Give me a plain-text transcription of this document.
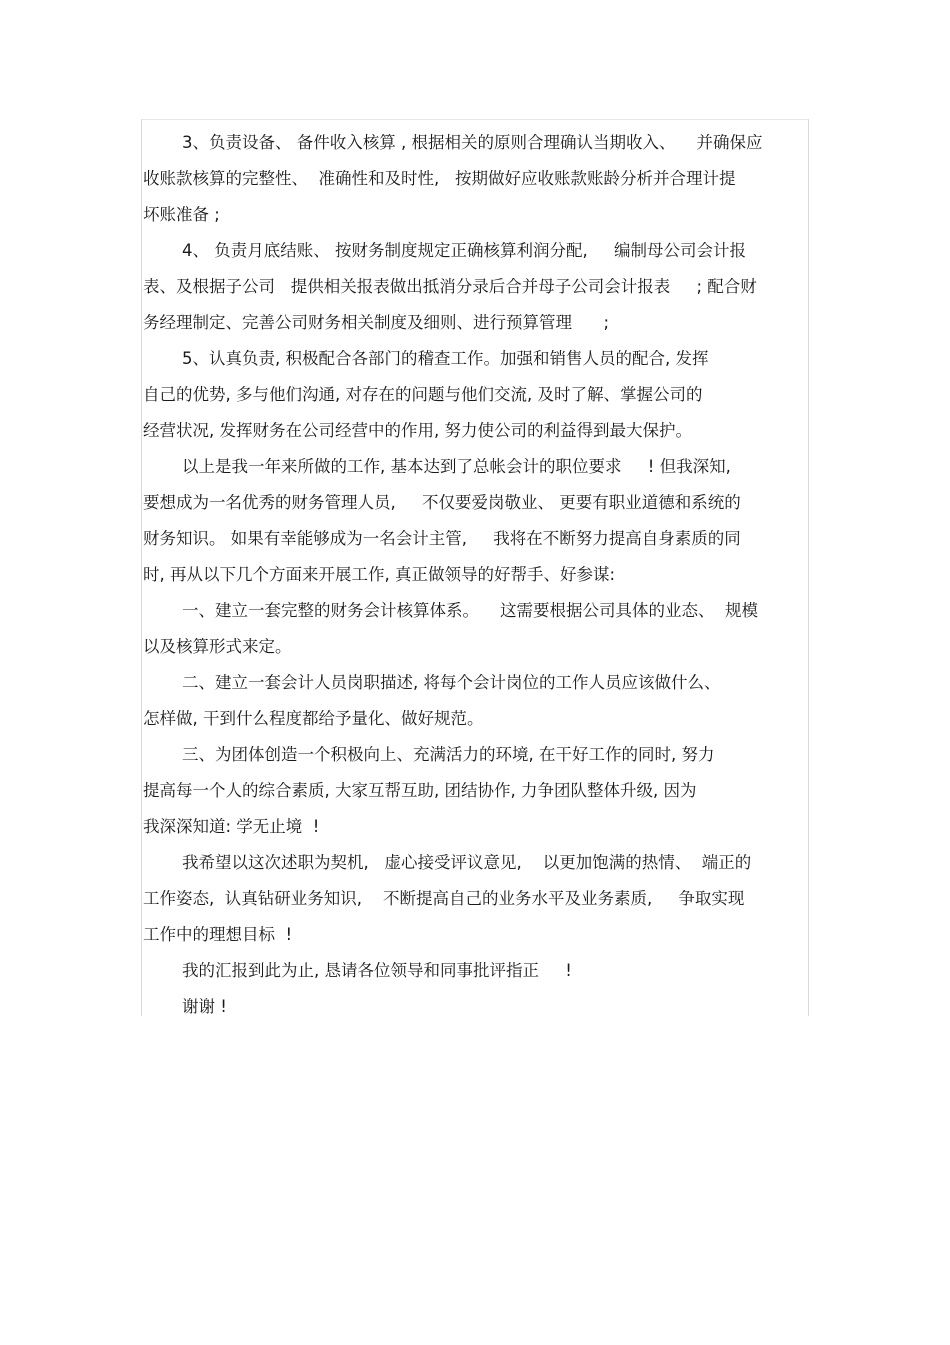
3、负责设备、 备件收入核算 , 根据相关的原则合理确认当期收入、    并确保应
收账款核算的完整性、  准确性和及时性,   按期做好应收账款账龄分析并合理计提
坏账准备 ;
4、 负责月底结账、 按财务制度规定正确核算利润分配,     编制母公司会计报
表、及根据子公司   提供相关报表做出抵消分录后合并母子公司会计报表     ; 配合财
务经理制定、完善公司财务相关制度及细则、进行预算管理      ;
5、认真负责, 积极配合各部门的稽查工作。加强和销售人员的配合, 发挥
自己的优势, 多与他们沟通, 对存在的问题与他们交流, 及时了解、掌握公司的
经营状况, 发挥财务在公司经营中的作用, 努力使公司的利益得到最大保护。
以上是我一年来所做的工作, 基本达到了总帐会计的职位要求     ! 但我深知,
要想成为一名优秀的财务管理人员,     不仅要爱岗敬业、 更要有职业道德和系统的
财务知识。 如果有幸能够成为一名会计主管,     我将在不断努力提高自身素质的同
时, 再从以下几个方面来开展工作, 真正做领导的好帮手、好参谋:
一、建立一套完整的财务会计核算体系。    这需要根据公司具体的业态、  规模
以及核算形式来定。
二、建立一套会计人员岗职描述, 将每个会计岗位的工作人员应该做什么、
怎样做, 干到什么程度都给予量化、做好规范。
三、为团体创造一个积极向上、充满活力的环境, 在干好工作的同时, 努力
提高每一个人的综合素质, 大家互帮互助, 团结协作, 力争团队整体升级, 因为
我深深知道: 学无止境  !
我希望以这次述职为契机,   虚心接受评议意见,    以更加饱满的热情、  端正的
工作姿态,  认真钻研业务知识,    不断提高自己的业务水平及业务素质,     争取实现
工作中的理想目标  !
我的汇报到此为止, 恳请各位领导和同事批评指正     !
谢谢 !
